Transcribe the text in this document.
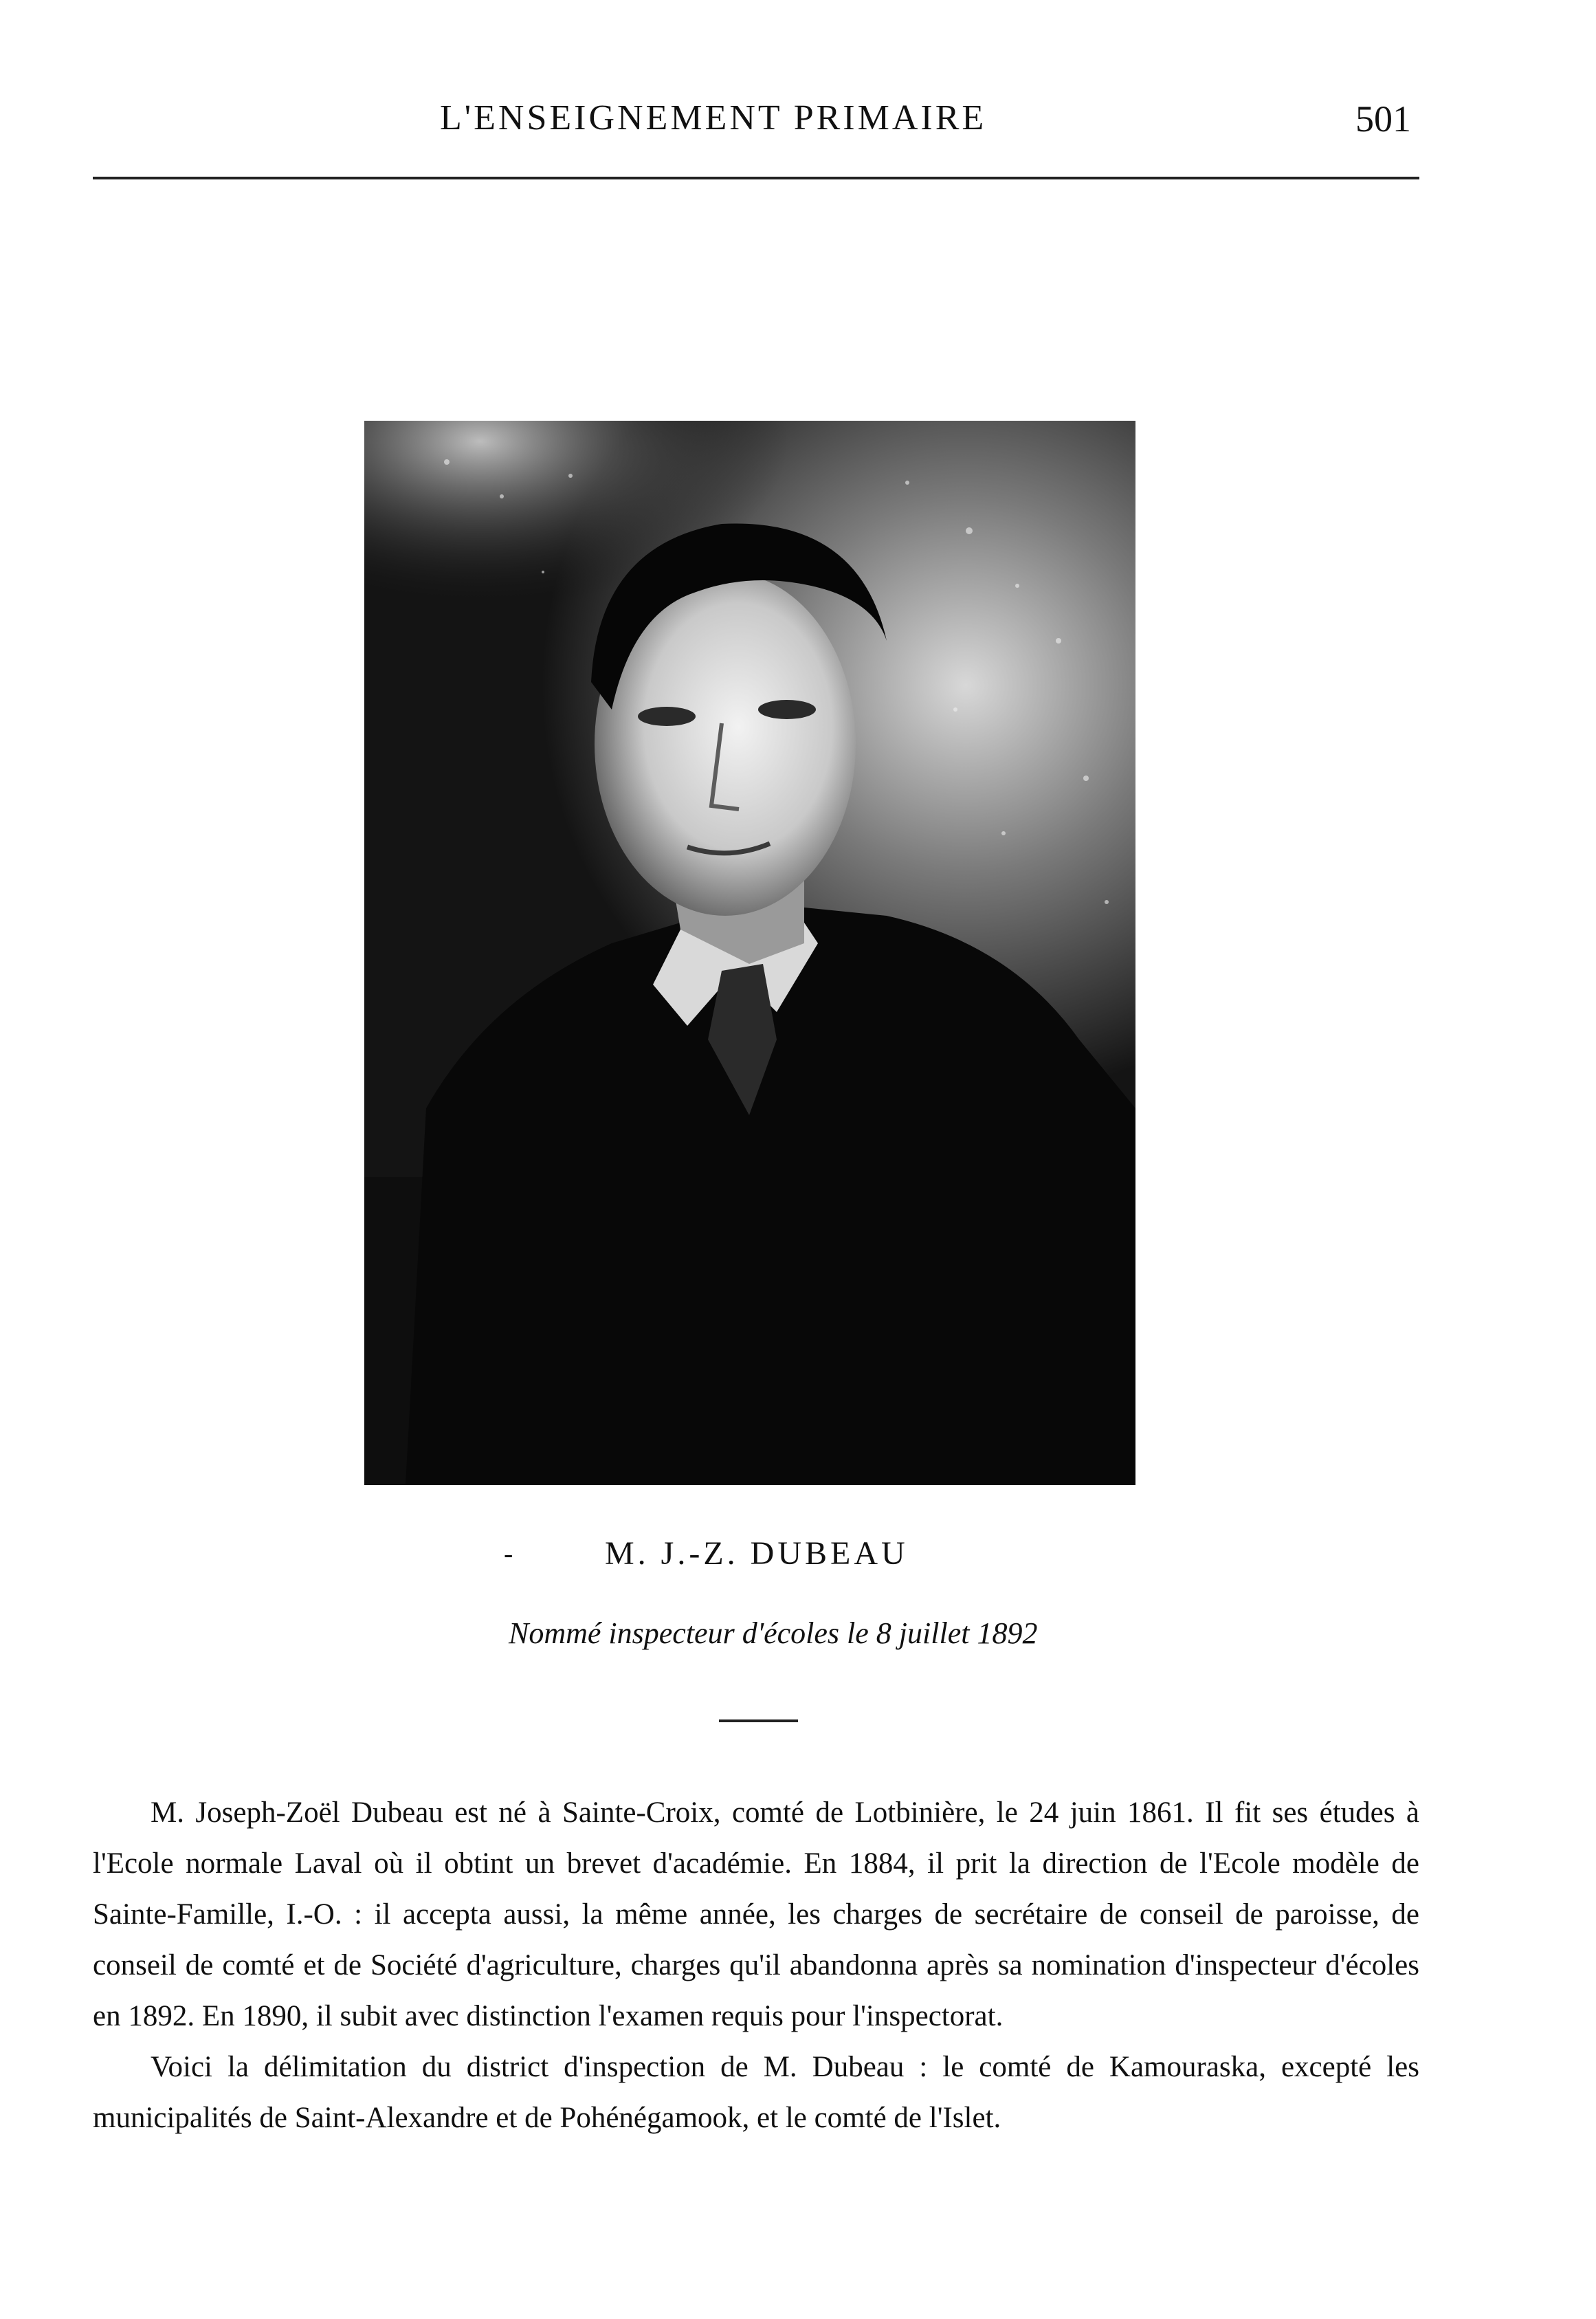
L'ENSEIGNEMENT PRIMAIRE	501
-	M. J.-Z. DUBEAU
Nommé inspecteur d'écoles le 8 juillet 1892

M. Joseph-Zoël Dubeau est né à Sainte-Croix, comté de Lotbinière, le 24 juin 1861. Il fit ses études à l'Ecole normale Laval où il obtint un brevet d'académie. En 1884, il prit la direction de l'Ecole modèle de Sainte-Famille, I.-O. : il accepta aussi, la même année, les charges de secrétaire de conseil de paroisse, de conseil de comté et de Société d'agriculture, charges qu'il abandonna après sa nomination d'inspecteur d'écoles en 1892. En 1890, il subit avec distinction l'examen requis pour l'inspectorat.

Voici la délimitation du district d'inspection de M. Dubeau : le comté de Kamouraska, excepté les municipalités de Saint-Alexandre et de Pohénégamook, et le comté de l'Islet.
